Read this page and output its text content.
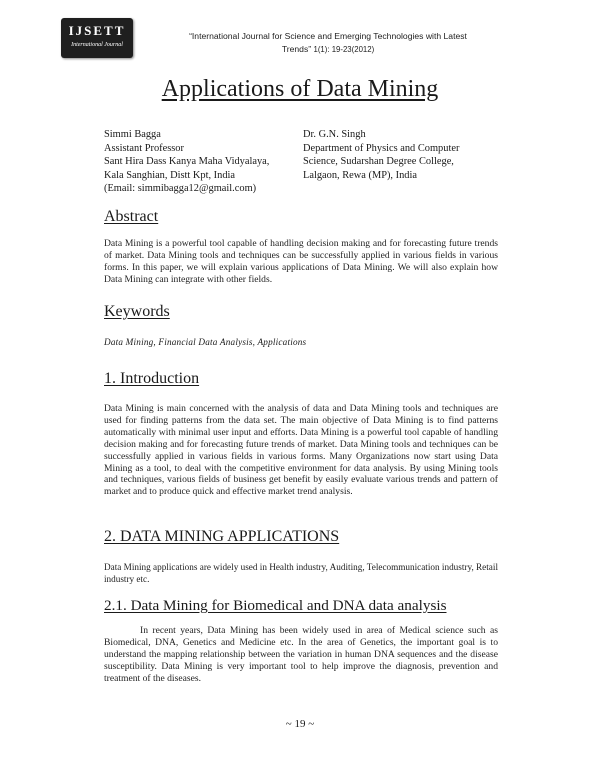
IJSETT
International Journal
“International Journal for Science and Emerging Technologies with Latest
Trends” 1(1): 19-23(2012)
Applications of Data Mining
Simmi Bagga
Assistant Professor
Sant Hira Dass Kanya Maha Vidyalaya,
Kala Sanghian, Distt Kpt, India
(Email: simmibagga12@gmail.com)
Dr. G.N. Singh
Department of Physics and Computer
Science, Sudarshan Degree College,
Lalgaon, Rewa (MP), India
Abstract

Data Mining is a powerful tool capable of handling decision making and for forecasting future trends of market. Data Mining tools and techniques can be successfully applied in various fields in various forms. In this paper, we will explain various applications of Data Mining. We will also explain how Data Mining can integrate with other fields.

Keywords
Data Mining, Financial Data Analysis, Applications
1. Introduction

Data Mining is main concerned with the analysis of data and Data Mining tools and techniques are used for finding patterns from the data set. The main objective of Data Mining is to find patterns automatically with minimal user input and efforts. Data Mining is a powerful tool capable of handling decision making and for forecasting future trends of market. Data Mining tools and techniques can be successfully applied in various fields in various forms. Many Organizations now start using Data Mining as a tool, to deal with the competitive environment for data analysis. By using Mining tools and techniques, various fields of business get benefit by easily evaluate various trends and pattern of market and to produce quick and effective market trend analysis.

2. DATA MINING APPLICATIONS

Data Mining applications are widely used in Health industry, Auditing, Telecommunication industry, Retail industry etc.

2.1. Data Mining for Biomedical and DNA data analysis

In recent years, Data Mining has been widely used in area of Medical science such as Biomedical, DNA, Genetics and Medicine etc. In the area of Genetics, the important goal is to understand the mapping relationship between the variation in human DNA sequences and the disease susceptibility. Data Mining is very important tool to help improve the diagnosis, prevention and treatment of the diseases.

~ 19 ~
